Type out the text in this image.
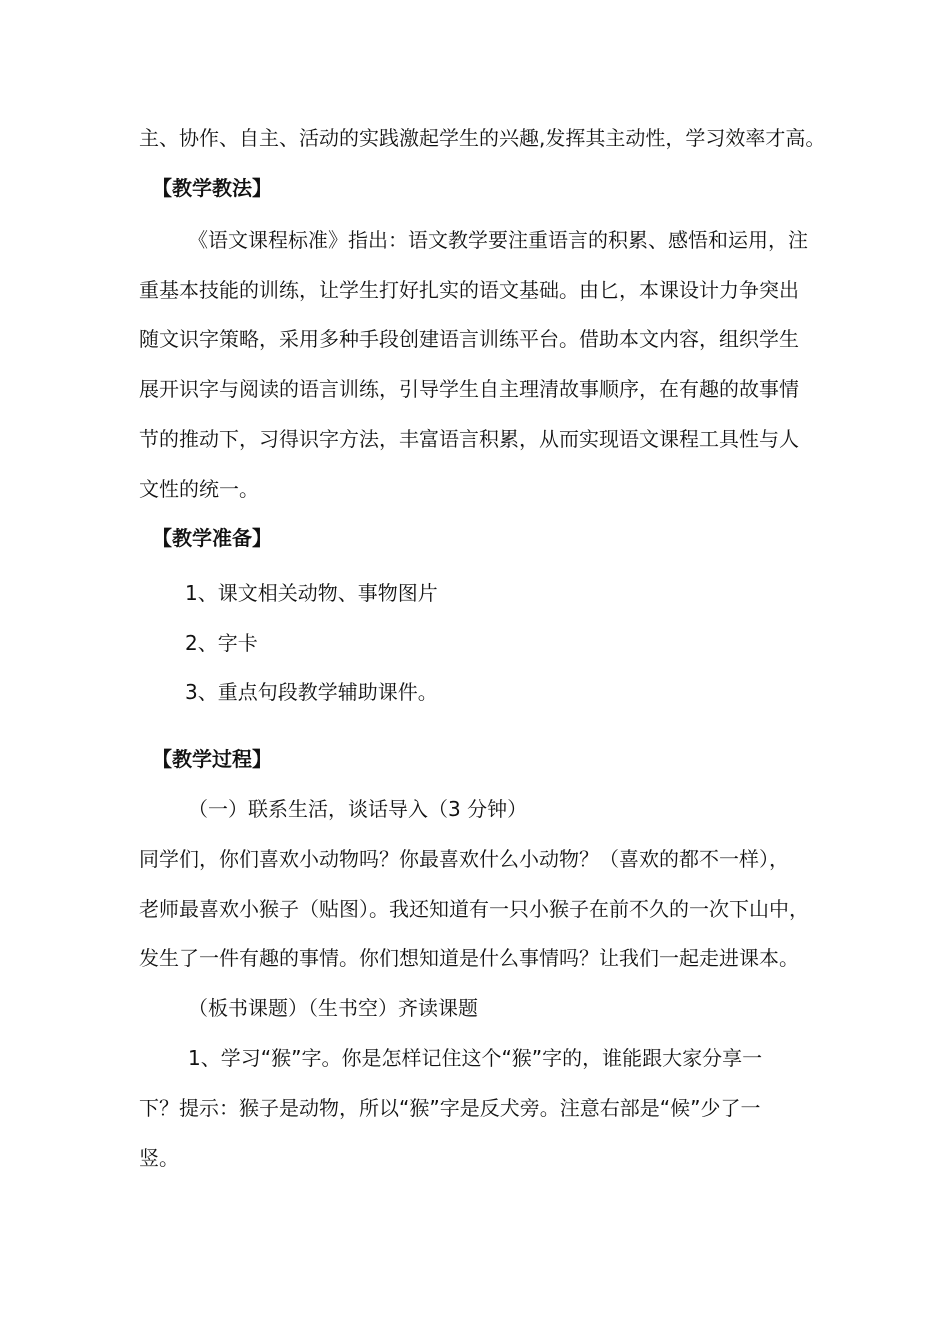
主、协作、自主、活动的实践激起学生的兴趣,发挥其主动性，学习效率才高。
【教学教法】
《语文课程标准》指出：语文教学要注重语言的积累、感悟和运用，注
重基本技能的训练，让学生打好扎实的语文基础。由匕，本课设计力争突出
随文识字策略，采用多种手段创建语言训练平台。借助本文内容，组织学生
展开识字与阅读的语言训练，引导学生自主理清故事顺序，在有趣的故事情
节的推动下，习得识字方法，丰富语言积累，从而实现语文课程工具性与人
文性的统一。
【教学准备】
1、课文相关动物、事物图片
2、字卡
3、重点句段教学辅助课件。
【教学过程】
（一）联系生活，谈话导入（3 分钟）
同学们，你们喜欢小动物吗？你最喜欢什么小动物？（喜欢的都不一样），
老师最喜欢小猴子（贴图）。我还知道有一只小猴子在前不久的一次下山中，
发生了一件有趣的事情。你们想知道是什么事情吗？让我们一起走进课本。
（板书课题）（生书空）齐读课题
1、学习“猴”字。你是怎样记住这个“猴”字的，谁能跟大家分享一
下？提示：猴子是动物，所以“猴”字是反犬旁。注意右部是“候”少了一
竖。
